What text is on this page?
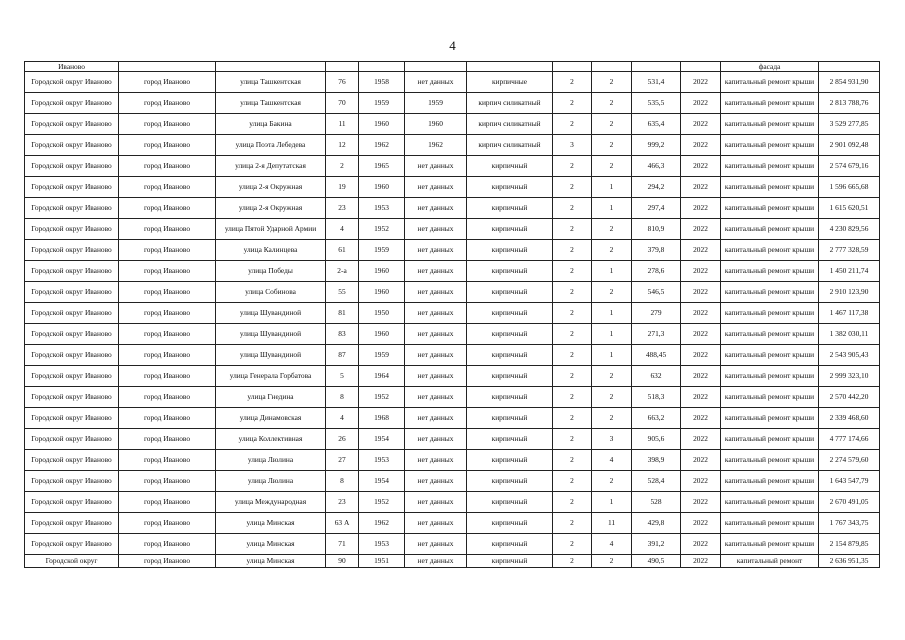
4
Иваново											фасада	
Городской округ Иваново	город Иваново	улица Ташкентская	76	1958	нет данных	кирпичные	2	2	531,4	2022	капитальный ремонт крыши	2 854 931,90
Городской округ Иваново	город Иваново	улица Ташкентская	70	1959	1959	кирпич силикатный	2	2	535,5	2022	капитальный ремонт крыши	2 813 788,76
Городской округ Иваново	город Иваново	улица Бакина	11	1960	1960	кирпич силикатный	2	2	635,4	2022	капитальный ремонт крыши	3 529 277,85
Городской округ Иваново	город Иваново	улица Поэта Лебедева	12	1962	1962	кирпич силикатный	3	2	999,2	2022	капитальный ремонт крыши	2 901 092,48
Городской округ Иваново	город Иваново	улица 2-я Депутатская	2	1965	нет данных	кирпичный	2	2	466,3	2022	капитальный ремонт крыши	2 574 679,16
Городской округ Иваново	город Иваново	улица 2-я Окружная	19	1960	нет данных	кирпичный	2	1	294,2	2022	капитальный ремонт крыши	1 596 665,68
Городской округ Иваново	город Иваново	улица 2-я Окружная	23	1953	нет данных	кирпичный	2	1	297,4	2022	капитальный ремонт крыши	1 615 620,51
Городской округ Иваново	город Иваново	улица Пятой Ударной Армии	4	1952	нет данных	кирпичный	2	2	810,9	2022	капитальный ремонт крыши	4 230 829,56
Городской округ Иваново	город Иваново	улица Калинцева	61	1959	нет данных	кирпичный	2	2	379,8	2022	капитальный ремонт крыши	2 777 328,59
Городской округ Иваново	город Иваново	улица Победы	2-а	1960	нет данных	кирпичный	2	1	278,6	2022	капитальный ремонт крыши	1 450 211,74
Городской округ Иваново	город Иваново	улица Собинова	55	1960	нет данных	кирпичный	2	2	546,5	2022	капитальный ремонт крыши	2 910 123,90
Городской округ Иваново	город Иваново	улица Шувандиной	81	1950	нет данных	кирпичный	2	1	279	2022	капитальный ремонт крыши	1 467 117,38
Городской округ Иваново	город Иваново	улица Шувандиной	83	1960	нет данных	кирпичный	2	1	271,3	2022	капитальный ремонт крыши	1 382 030,11
Городской округ Иваново	город Иваново	улица Шувандиной	87	1959	нет данных	кирпичный	2	1	488,45	2022	капитальный ремонт крыши	2 543 905,43
Городской округ Иваново	город Иваново	улица Генерала Горбатова	5	1964	нет данных	кирпичный	2	2	632	2022	капитальный ремонт крыши	2 999 323,10
Городской округ Иваново	город Иваново	улица Гнедина	8	1952	нет данных	кирпичный	2	2	518,3	2022	капитальный ремонт крыши	2 570 442,20
Городской округ Иваново	город Иваново	улица Динамовская	4	1968	нет данных	кирпичный	2	2	663,2	2022	капитальный ремонт крыши	2 339 468,60
Городской округ Иваново	город Иваново	улица Коллективная	26	1954	нет данных	кирпичный	2	3	905,6	2022	капитальный ремонт крыши	4 777 174,66
Городской округ Иваново	город Иваново	улица Люлина	27	1953	нет данных	кирпичный	2	4	398,9	2022	капитальный ремонт крыши	2 274 579,60
Городской округ Иваново	город Иваново	улица Люлина	8	1954	нет данных	кирпичный	2	2	528,4	2022	капитальный ремонт крыши	1 643 547,79
Городской округ Иваново	город Иваново	улица Международная	23	1952	нет данных	кирпичный	2	1	528	2022	капитальный ремонт крыши	2 670 491,05
Городской округ Иваново	город Иваново	улица Минская	63 А	1962	нет данных	кирпичный	2	11	429,8	2022	капитальный ремонт крыши	1 767 343,75
Городской округ Иваново	город Иваново	улица Минская	71	1953	нет данных	кирпичный	2	4	391,2	2022	капитальный ремонт крыши	2 154 879,85
Городской округ	город Иваново	улица Минская	90	1951	нет данных	кирпичный	2	2	490,5	2022	капитальный ремонт	2 636 951,35
